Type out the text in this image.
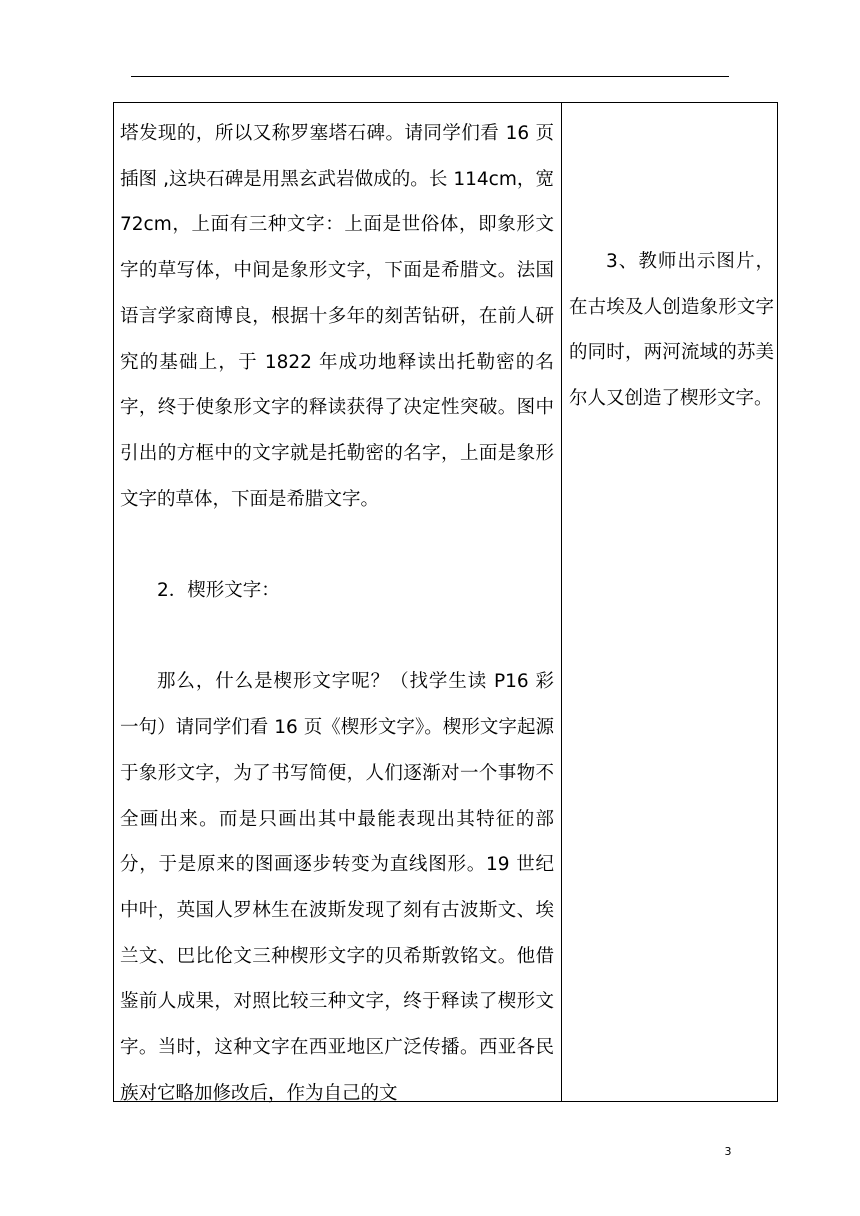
塔发现的，所以又称罗塞塔石碑。请同学们看 16 页插图 ,这块石碑是用黑玄武岩做成的。长 114cm，宽 72cm，上面有三种文字：上面是世俗体，即象形文字的草写体，中间是象形文字，下面是希腊文。法国语言学家商博良，根据十多年的刻苦钻研，在前人研究的基础上，于 1822 年成功地释读出托勒密的名字，终于使象形文字的释读获得了决定性突破。图中引出的方框中的文字就是托勒密的名字，上面是象形文字的草体，下面是希腊文字。

2．楔形文字：

那么，什么是楔形文字呢？（找学生读 P16 彩一句）请同学们看 16 页《楔形文字》。楔形文字起源于象形文字，为了书写简便，人们逐渐对一个事物不全画出来。而是只画出其中最能表现出其特征的部分，于是原来的图画逐步转变为直线图形。19 世纪中叶，英国人罗林生在波斯发现了刻有古波斯文、埃兰文、巴比伦文三种楔形文字的贝希斯敦铭文。他借鉴前人成果，对照比较三种文字，终于释读了楔形文字。当时，这种文字在西亚地区广泛传播。西亚各民族对它略加修改后，作为自己的文

3、教师出示图片，在古埃及人创造象形文字的同时，两河流域的苏美尔人又创造了楔形文字。

3
